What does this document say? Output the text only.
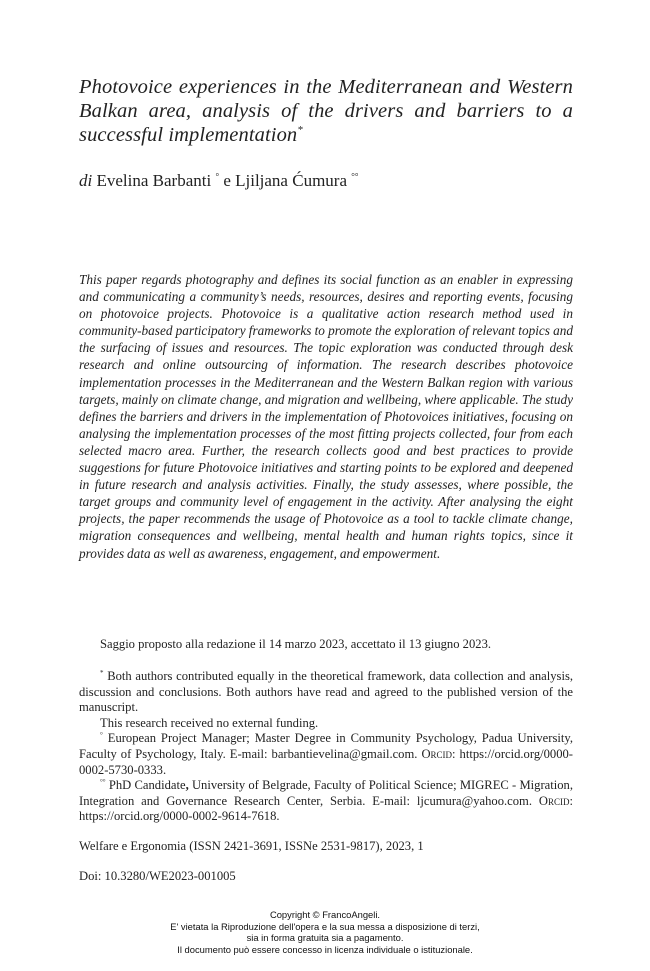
Photovoice experiences in the Mediterranean and Western Balkan area, analysis of the drivers and barriers to a successful implementation*
di Evelina Barbanti ° e Ljiljana Ćumura °°
This paper regards photography and defines its social function as an enabler in expressing and communicating a community’s needs, resources, desires and reporting events, focusing on photovoice projects. Photovoice is a qualitative action research method used in community-based participatory frameworks to promote the exploration of relevant topics and the surfacing of issues and resources. The topic exploration was conducted through desk research and online outsourcing of information. The research describes photovoice implementation processes in the Mediterranean and the Western Balkan region with various targets, mainly on climate change, and migration and wellbeing, where applicable. The study defines the barriers and drivers in the implementation of Photovoices initiatives, focusing on analysing the implementation processes of the most fitting projects collected, four from each selected macro area. Further, the research collects good and best practices to provide suggestions for future Photovoice initiatives and starting points to be explored and deepened in future research and analysis activities. Finally, the study assesses, where possible, the target groups and community level of engagement in the activity. After analysing the eight projects, the paper recommends the usage of Photovoice as a tool to tackle climate change, migration consequences and wellbeing, mental health and human rights topics, since it provides data as well as awareness, engagement, and empowerment.
Saggio proposto alla redazione il 14 marzo 2023, accettato il 13 giugno 2023.

* Both authors contributed equally in the theoretical framework, data collection and analysis, discussion and conclusions. Both authors have read and agreed to the published version of the manuscript.

This research received no external funding.

° European Project Manager; Master Degree in Community Psychology, Padua University, Faculty of Psychology, Italy. E-mail: barbantievelina@gmail.com. Orcid: https://orcid.org/0000-0002-5730-0333.

°° PhD Candidate, University of Belgrade, Faculty of Political Science; MIGREC - Migration, Integration and Governance Research Center, Serbia. E-mail: ljcumura@yahoo.com. Orcid: https://orcid.org/0000-0002-9614-7618.

Welfare e Ergonomia (ISSN 2421-3691, ISSNe 2531-9817), 2023, 1
Doi: 10.3280/WE2023-001005
Copyright © FrancoAngeli.
E' vietata la Riproduzione dell'opera e la sua messa a disposizione di terzi,
sia in forma gratuita sia a pagamento.
Il documento può essere concesso in licenza individuale o istituzionale.
